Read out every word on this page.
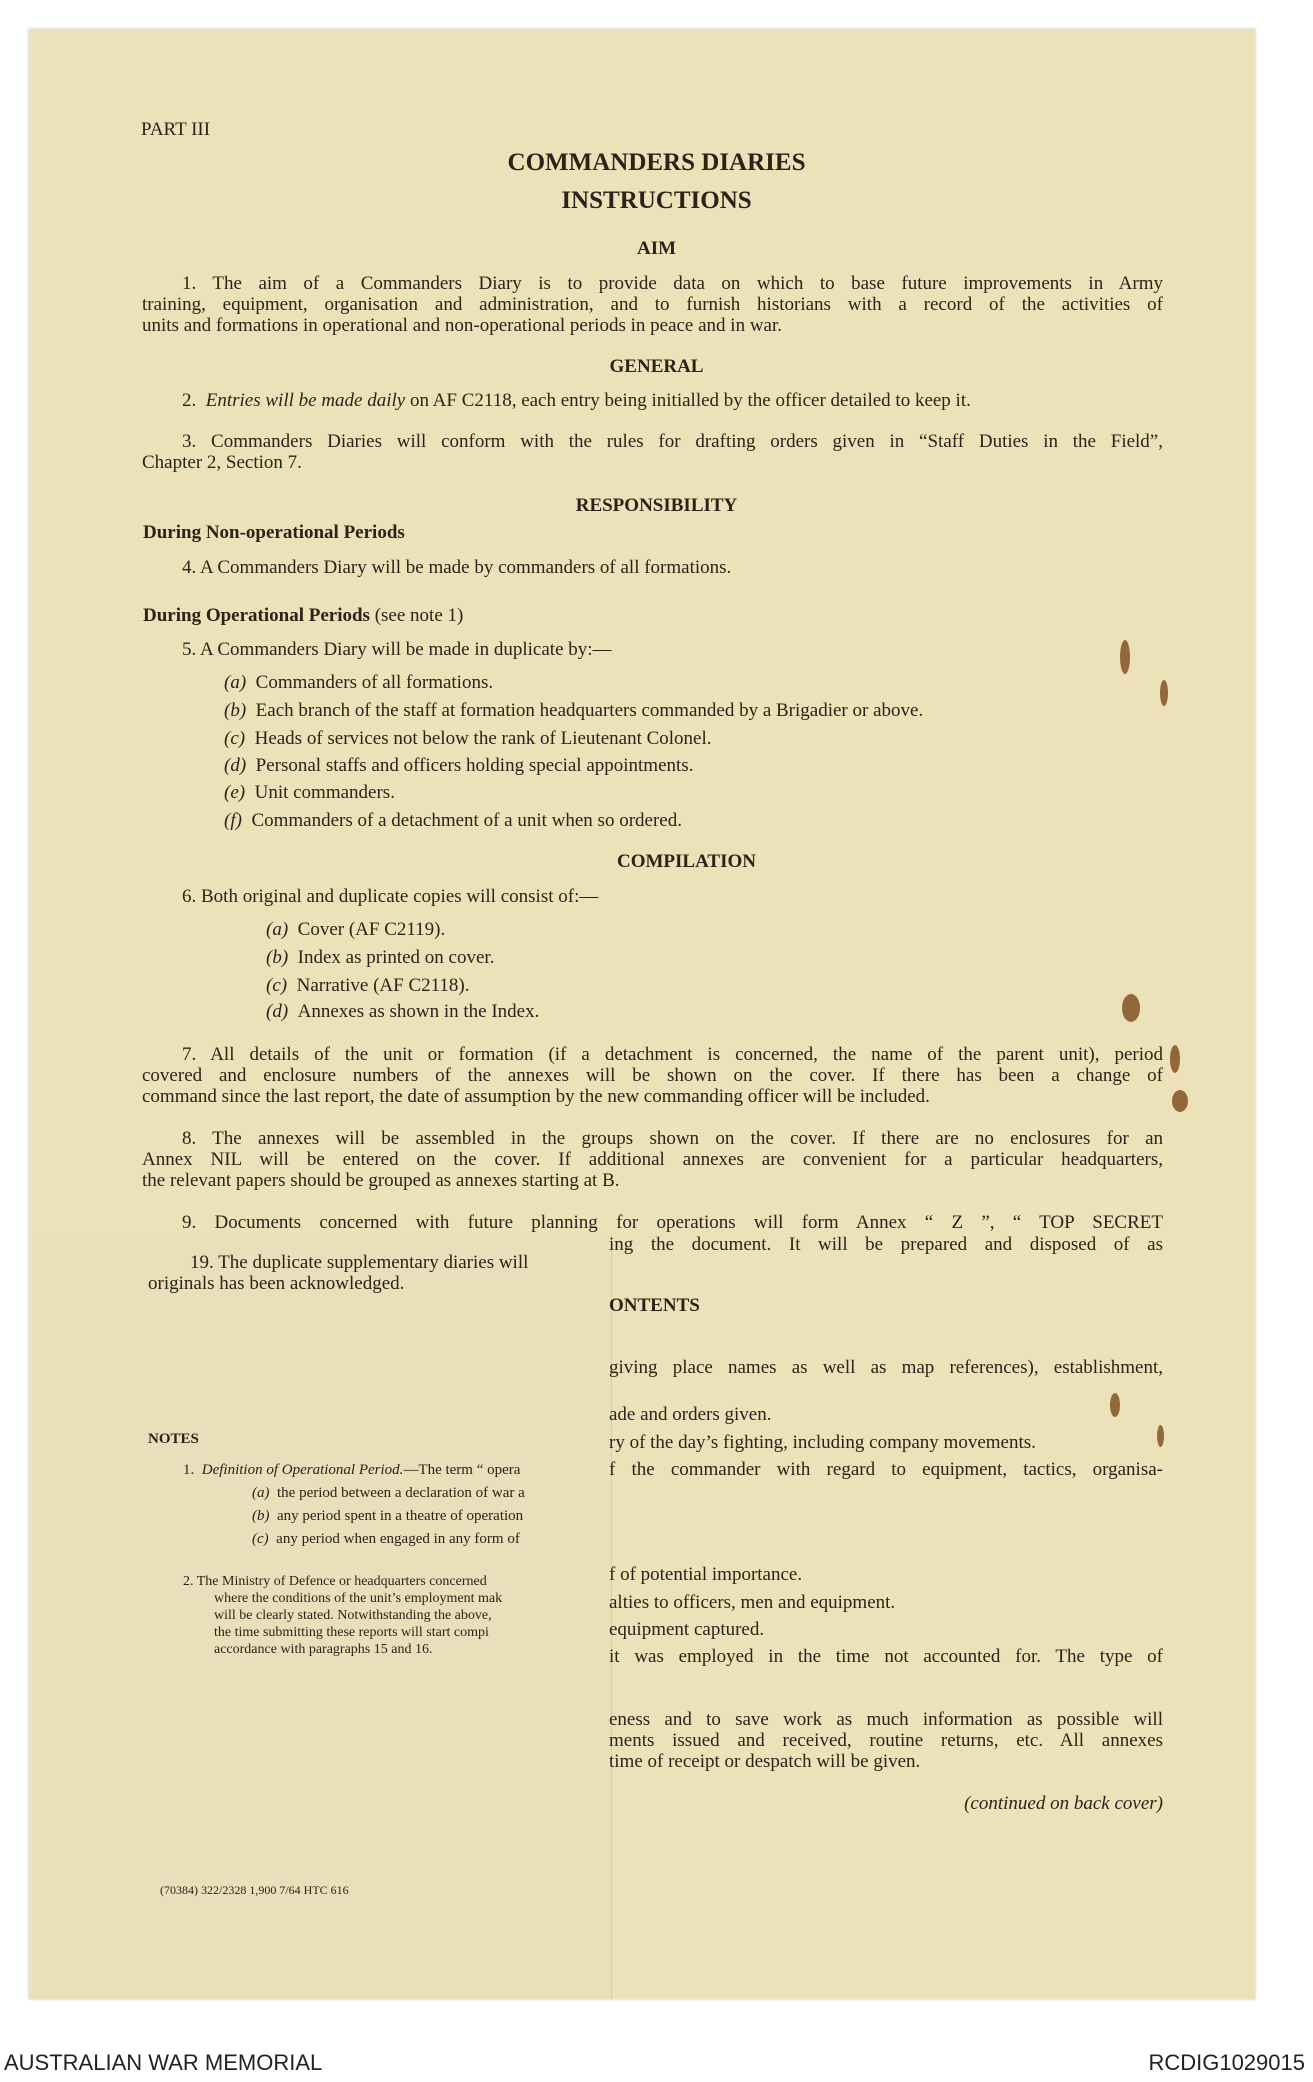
PART III
COMMANDERS DIARIES
INSTRUCTIONS
AIM
1. The aim of a Commanders Diary is to provide data on which to base future improvements in Army
training, equipment, organisation and administration, and to furnish historians with a record of the activities of
units and formations in operational and non-operational periods in peace and in war.
GENERAL
2. Entries will be made daily on AF C2118, each entry being initialled by the officer detailed to keep it.
3. Commanders Diaries will conform with the rules for drafting orders given in “Staff Duties in the Field”,
Chapter 2, Section 7.
RESPONSIBILITY
During Non-operational Periods
4. A Commanders Diary will be made by commanders of all formations.
During Operational Periods (see note 1)
5. A Commanders Diary will be made in duplicate by:—
(a) Commanders of all formations.
(b) Each branch of the staff at formation headquarters commanded by a Brigadier or above.
(c) Heads of services not below the rank of Lieutenant Colonel.
(d) Personal staffs and officers holding special appointments.
(e) Unit commanders.
(f) Commanders of a detachment of a unit when so ordered.
COMPILATION
6. Both original and duplicate copies will consist of:—
(a) Cover (AF C2119).
(b) Index as printed on cover.
(c) Narrative (AF C2118).
(d) Annexes as shown in the Index.
7. All details of the unit or formation (if a detachment is concerned, the name of the parent unit), period
covered and enclosure numbers of the annexes will be shown on the cover. If there has been a change of
command since the last report, the date of assumption by the new commanding officer will be included.
8. The annexes will be assembled in the groups shown on the cover. If there are no enclosures for an
Annex NIL will be entered on the cover. If additional annexes are convenient for a particular headquarters,
the relevant papers should be grouped as annexes starting at B.
9. Documents concerned with future planning for operations will form Annex “ Z ”, “ TOP SECRET
ing the document. It will be prepared and disposed of as
ONTENTS
giving place names as well as map references), establishment,
ade and orders given.
ry of the day’s fighting, including company movements.
f the commander with regard to equipment, tactics, organisa-
f of potential importance.
alties to officers, men and equipment.
equipment captured.
it was employed in the time not accounted for. The type of
eness and to save work as much information as possible will
ments issued and received, routine returns, etc. All annexes
time of receipt or despatch will be given.
(continued on back cover)
19. The duplicate supplementary diaries will
originals has been acknowledged.
NOTES
1. Definition of Operational Period.—The term “ opera
(a) the period between a declaration of war a
(b) any period spent in a theatre of operation
(c) any period when engaged in any form of
2. The Ministry of Defence or headquarters concerned
where the conditions of the unit’s employment mak
will be clearly stated. Notwithstanding the above,
the time submitting these reports will start compi
accordance with paragraphs 15 and 16.
(70384) 322/2328 1,900 7/64 HTC 616
AUSTRALIAN WAR MEMORIAL	RCDIG1029015
